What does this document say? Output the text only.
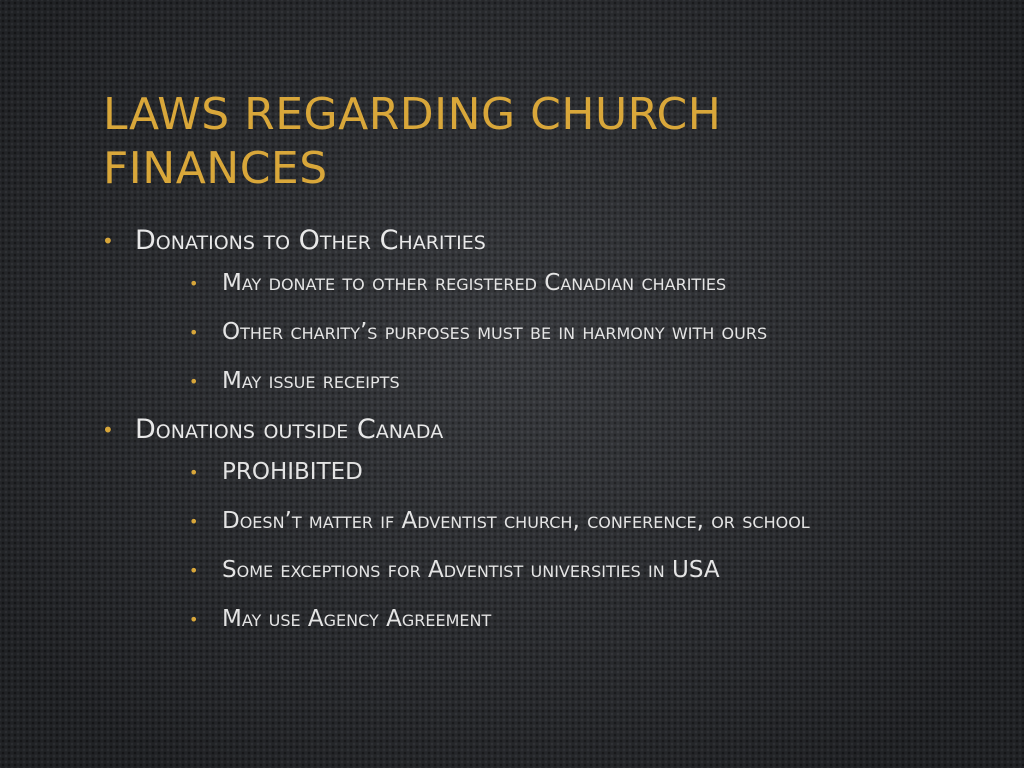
LAWS REGARDING CHURCH FINANCES
• Donations to Other Charities
•	May donate to other registered Canadian charities
•	Other charity’s purposes must be in harmony with ours
•	May issue receipts
• Donations outside Canada
•	PROHIBITED
•	Doesn’t matter if Adventist church, conference, or school
•	Some exceptions for Adventist universities in USA
•	May use Agency Agreement
